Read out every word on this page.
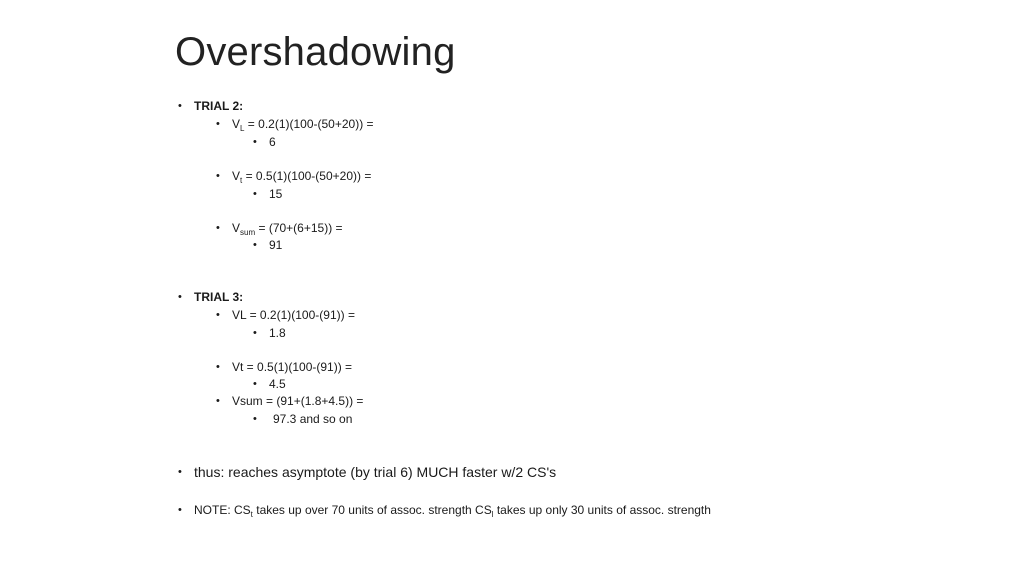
Overshadowing
• TRIAL 2:
• $V_L = 0.2(1)(100-(50+20))$ =
• 6
• $V_t = 0.5(1)(100-(50+20))$ =
• 15
• $V_{sum} = (70+(6+15))$ =
• 91
• TRIAL 3:
• VL = 0.2(1)(100-(91)) =
• 1.8
• Vt = 0.5(1)(100-(91)) =
• 4.5
• Vsum = (91+(1.8+4.5)) =
• 97.3 and so on
• thus: reaches asymptote (by trial 6) MUCH faster w/2 CS's
• NOTE: $CS_t$ takes up over 70 units of assoc. strength $CS_l$ takes up only 30 units of assoc. strength
